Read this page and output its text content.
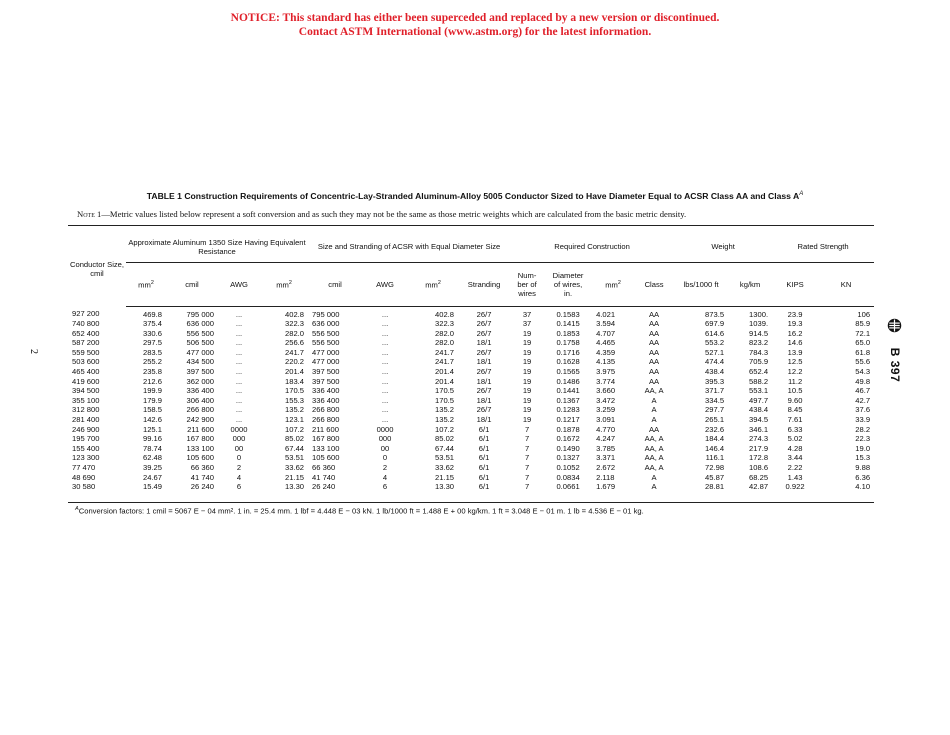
NOTICE: This standard has either been superceded and replaced by a new version or discontinued.
Contact ASTM International (www.astm.org) for the latest information.
2	B 397
TABLE 1 Construction Requirements of Concentric-Lay-Stranded Aluminum-Alloy 5005 Conductor Sized to Have Diameter Equal to ACSR Class AA and Class $A^A$
Note 1—Metric values listed below represent a soft conversion and as such they may not be the same as those metric weights which are calculated from the basic metric density.
Conductor Size, cmil	Approximate Aluminum 1350 Size Having Equivalent Resistance				Size and Stranding of ACSR with Equal Diameter Size				Required Construction				Weight		Rated Strength	
	$mm^2$	cmil	AWG	$mm^2$	cmil	AWG	$mm^2$	Stranding	Num- ber of wires	Diameter of wires, in.	$mm^2$	Class	lbs/1000 ft	kg/km	KIPS	KN
927 200	469.8	795 000	...	402.8	795 000	...	402.8	26/7	37	0.1583	4.021	AA	873.5	1300.	23.9	106
740 800	375.4	636 000	...	322.3	636 000	...	322.3	26/7	37	0.1415	3.594	AA	697.9	1039.	19.3	85.9
652 400	330.6	556 500	...	282.0	556 500	...	282.0	26/7	19	0.1853	4.707	AA	614.6	914.5	16.2	72.1
587 200	297.5	506 500	...	256.6	556 500	...	282.0	18/1	19	0.1758	4.465	AA	553.2	823.2	14.6	65.0
559 500	283.5	477 000	...	241.7	477 000	...	241.7	26/7	19	0.1716	4.359	AA	527.1	784.3	13.9	61.8
503 600	255.2	434 500	...	220.2	477 000	...	241.7	18/1	19	0.1628	4.135	AA	474.4	705.9	12.5	55.6
465 400	235.8	397 500	...	201.4	397 500	...	201.4	26/7	19	0.1565	3.975	AA	438.4	652.4	12.2	54.3
419 600	212.6	362 000	...	183.4	397 500	...	201.4	18/1	19	0.1486	3.774	AA	395.3	588.2	11.2	49.8
394 500	199.9	336 400	...	170.5	336 400	...	170.5	26/7	19	0.1441	3.660	AA, A	371.7	553.1	10.5	46.7
355 100	179.9	306 400	...	155.3	336 400	...	170.5	18/1	19	0.1367	3.472	A	334.5	497.7	9.60	42.7
312 800	158.5	266 800	...	135.2	266 800	...	135.2	26/7	19	0.1283	3.259	A	297.7	438.4	8.45	37.6
281 400	142.6	242 900	...	123.1	266 800	...	135.2	18/1	19	0.1217	3.091	A	265.1	394.5	7.61	33.9
246 900	125.1	211 600	0000	107.2	211 600	0000	107.2	6/1	7	0.1878	4.770	AA	232.6	346.1	6.33	28.2
195 700	99.16	167 800	000	85.02	167 800	000	85.02	6/1	7	0.1672	4.247	AA, A	184.4	274.3	5.02	22.3
155 400	78.74	133 100	00	67.44	133 100	00	67.44	6/1	7	0.1490	3.785	AA, A	146.4	217.9	4.28	19.0
123 300	62.48	105 600	0	53.51	105 600	0	53.51	6/1	7	0.1327	3.371	AA, A	116.1	172.8	3.44	15.3
77 470	39.25	66 360	2	33.62	66 360	2	33.62	6/1	7	0.1052	2.672	AA, A	72.98	108.6	2.22	9.88
48 690	24.67	41 740	4	21.15	41 740	4	21.15	6/1	7	0.0834	2.118	A	45.87	68.25	1.43	6.36
30 580	15.49	26 240	6	13.30	26 240	6	13.30	6/1	7	0.0661	1.679	A	28.81	42.87	0.922	4.10
$^A$Conversion factors: 1 cmil = 5067 E − 04 mm². 1 in. = 25.4 mm. 1 lbf = 4.448 E − 03 kN. 1 lb/1000 ft = 1.488 E + 00 kg/km. 1 ft = 3.048 E − 01 m. 1 lb = 4.536 E − 01 kg.
